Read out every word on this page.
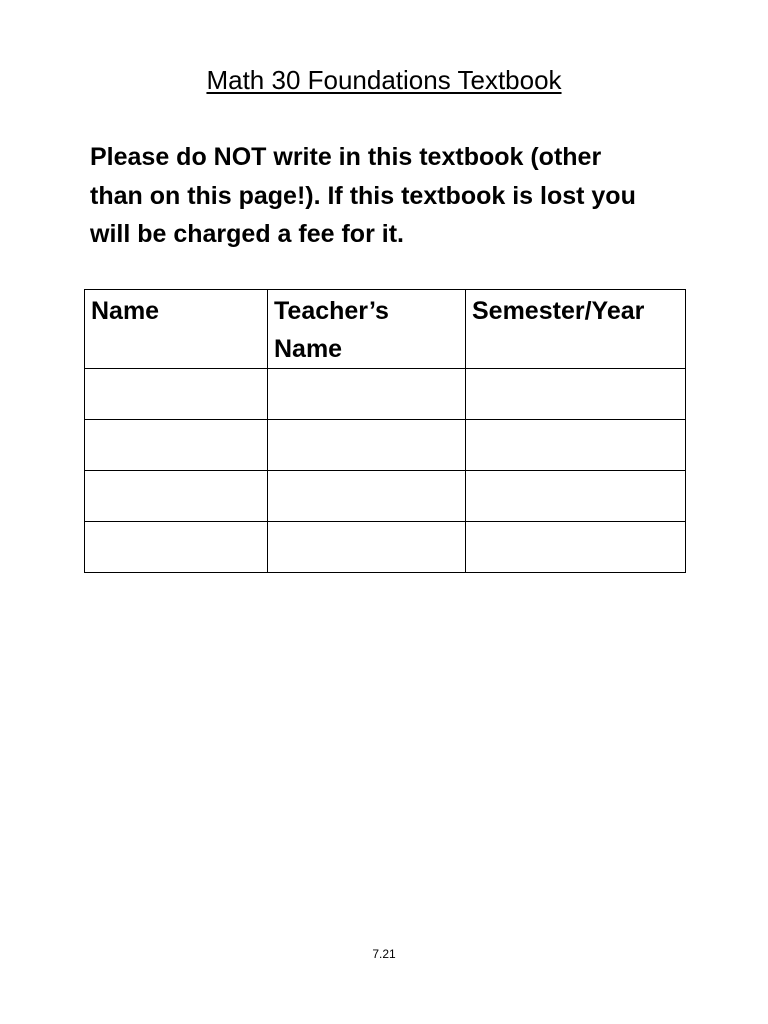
Math 30 Foundations Textbook
Please do NOT write in this textbook (other
than on this page!). If this textbook is lost you
will be charged a fee for it.
Name	Teacher’s Name	Semester/Year

7.21
